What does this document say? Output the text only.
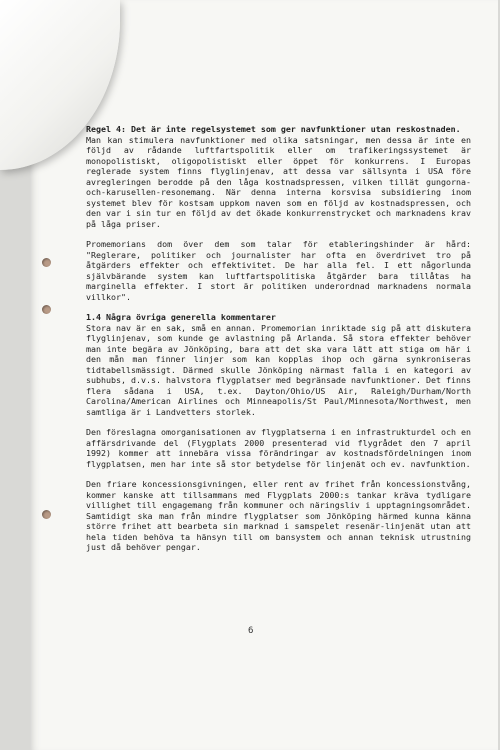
Regel 4: Det är inte regelsystemet som ger navfunktioner utan reskostnaden.
Man kan stimulera navfunktioner med olika satsningar, men dessa är inte en följd av rådande luftfartspolitik eller om trafikeringssystemet är monopolistiskt, oligopolistiskt eller öppet för konkurrens. I Europas reglerade system finns flyglinjenav, att dessa var sällsynta i USA före avregleringen berodde på den låga kostnadspressen, vilken tillät gungorna-och-karusellen-resonemang. När denna interna korsvisa subsidiering inom systemet blev för kostsam uppkom naven som en följd av kostnadspressen, och den var i sin tur en följd av det ökade konkurrenstrycket och marknadens krav på låga priser.

Promemorians dom över dem som talar för etableringshinder är hård: "Reglerare, politiker och journalister har ofta en överdrivet tro på åtgärders effekter och effektivitet. De har alla fel. I ett någorlunda självbärande system kan luftfartspolitiska åtgärder bara tillåtas ha marginella effekter. I stort är politiken underordnad marknadens normala villkor".

1.4 Några övriga generella kommentarer

Stora nav är en sak, små en annan. Promemorian inriktade sig på att diskutera flyglinjenav, som kunde ge avlastning på Arlanda. Så stora effekter behöver man inte begära av Jönköping, bara att det ska vara lätt att stiga om här i den mån man finner linjer som kan kopplas ihop och gärna synkroniseras tidtabellsmässigt. Därmed skulle Jönköping närmast falla i en kategori av subhubs, d.v.s. halvstora flygplatser med begränsade navfunktioner. Det finns flera sådana i USA, t.ex. Dayton/Ohio/US Air, Raleigh/Durham/North Carolina/American Airlines och Minneapolis/St Paul/Minnesota/Northwest, men samtliga är i Landvetters storlek.

Den föreslagna omorganisationen av flygplatserna i en infrastrukturdel och en affärsdrivande del (Flygplats 2000 presenterad vid flygrådet den 7 april 1992) kommer att innebära vissa förändringar av kostnadsfördelningen inom flygplatsen, men har inte så stor betydelse för linjenät och ev. navfunktion.

Den friare koncessionsgivningen, eller rent av frihet från koncessionstvång, kommer kanske att tillsammans med Flygplats 2000:s tankar kräva tydligare villighet till engagemang från kommuner och näringsliv i upptagningsområdet. Samtidigt ska man från mindre flygplatser som Jönköping härmed kunna känna större frihet att bearbeta sin marknad i samspelet resenär-linjenät utan att hela tiden behöva ta hänsyn till om bansystem och annan teknisk utrustning just då behöver pengar.

6
